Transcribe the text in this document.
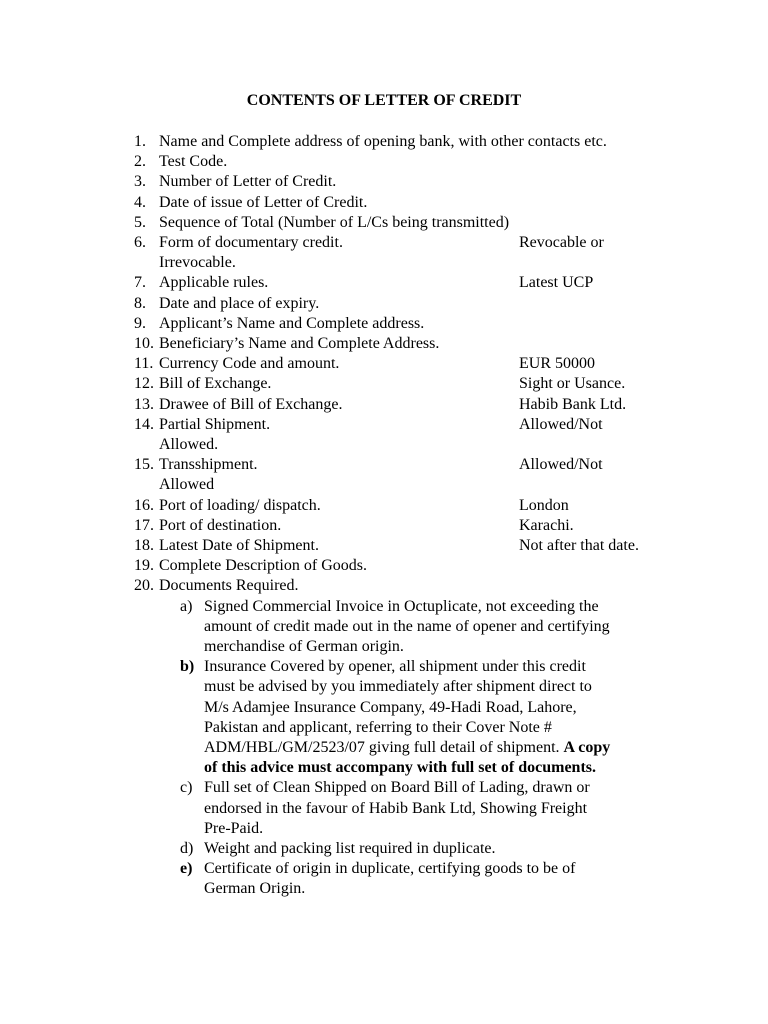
CONTENTS OF LETTER OF CREDIT
1. Name and Complete address of opening bank, with other contacts etc.
2. Test Code.
3. Number of Letter of Credit.
4. Date of issue of Letter of Credit.
5. Sequence of Total (Number of L/Cs being transmitted)
6. Form of documentary credit.	Revocable or
Irrevocable.
7. Applicable rules.	Latest UCP
8. Date and place of expiry.
9. Applicant’s Name and Complete address.
10. Beneficiary’s Name and Complete Address.
11. Currency Code and amount.	EUR 50000
12. Bill of Exchange.	Sight or Usance.
13. Drawee of Bill of Exchange.	Habib Bank Ltd.
14. Partial Shipment.	Allowed/Not
Allowed.
15. Transshipment.	Allowed/Not
Allowed
16. Port of loading/ dispatch.	London
17. Port of destination.	Karachi.
18. Latest Date of Shipment.	Not after that date.
19. Complete Description of Goods.
20. Documents Required.
a) Signed Commercial Invoice in Octuplicate, not exceeding the
amount of credit made out in the name of opener and certifying
merchandise of German origin.
b) Insurance Covered by opener, all shipment under this credit
must be advised by you immediately after shipment direct to
M/s Adamjee Insurance Company, 49-Hadi Road, Lahore,
Pakistan and applicant, referring to their Cover Note #
ADM/HBL/GM/2523/07 giving full detail of shipment. A copy
of this advice must accompany with full set of documents.
c) Full set of Clean Shipped on Board Bill of Lading, drawn or
endorsed in the favour of Habib Bank Ltd, Showing Freight
Pre-Paid.
d) Weight and packing list required in duplicate.
e) Certificate of origin in duplicate, certifying goods to be of
German Origin.
